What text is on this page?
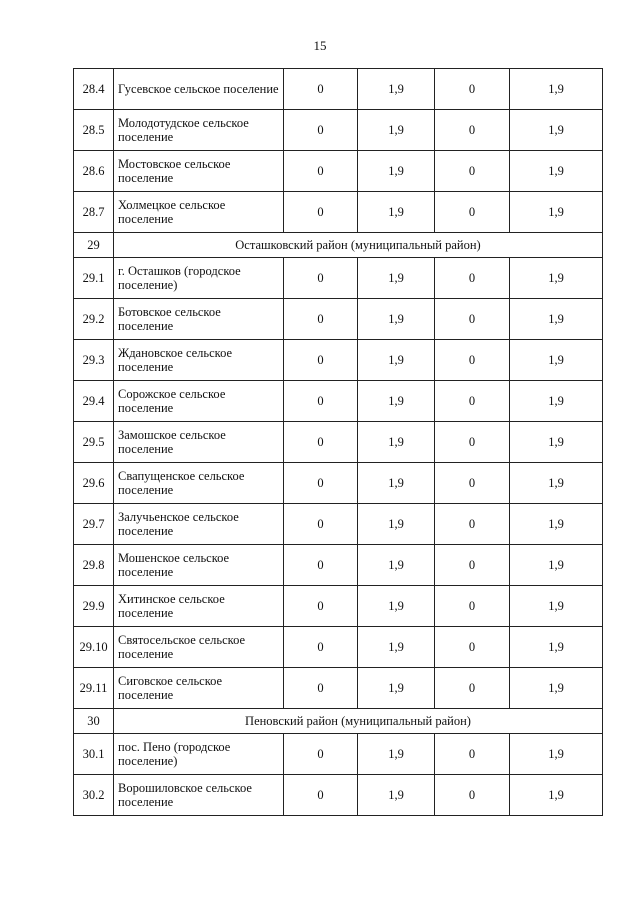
15
28.4	Гусевское сельское поселение	0	1,9	0	1,9
28.5	Молодотудское сельское поселение	0	1,9	0	1,9
28.6	Мостовское сельское поселение	0	1,9	0	1,9
28.7	Холмецкое сельское поселение	0	1,9	0	1,9
29	Осташковский район (муниципальный район)				
29.1	г. Осташков (городское поселение)	0	1,9	0	1,9
29.2	Ботовское сельское поселение	0	1,9	0	1,9
29.3	Ждановское сельское поселение	0	1,9	0	1,9
29.4	Сорожское сельское поселение	0	1,9	0	1,9
29.5	Замошское сельское поселение	0	1,9	0	1,9
29.6	Свапущенское сельское поселение	0	1,9	0	1,9
29.7	Залучьенское сельское поселение	0	1,9	0	1,9
29.8	Мошенское сельское поселение	0	1,9	0	1,9
29.9	Хитинское сельское поселение	0	1,9	0	1,9
29.10	Святосельское сельское поселение	0	1,9	0	1,9
29.11	Сиговское сельское поселение	0	1,9	0	1,9
30	Пеновский район (муниципальный район)				
30.1	пос. Пено (городское поселение)	0	1,9	0	1,9
30.2	Ворошиловское сельское поселение	0	1,9	0	1,9
